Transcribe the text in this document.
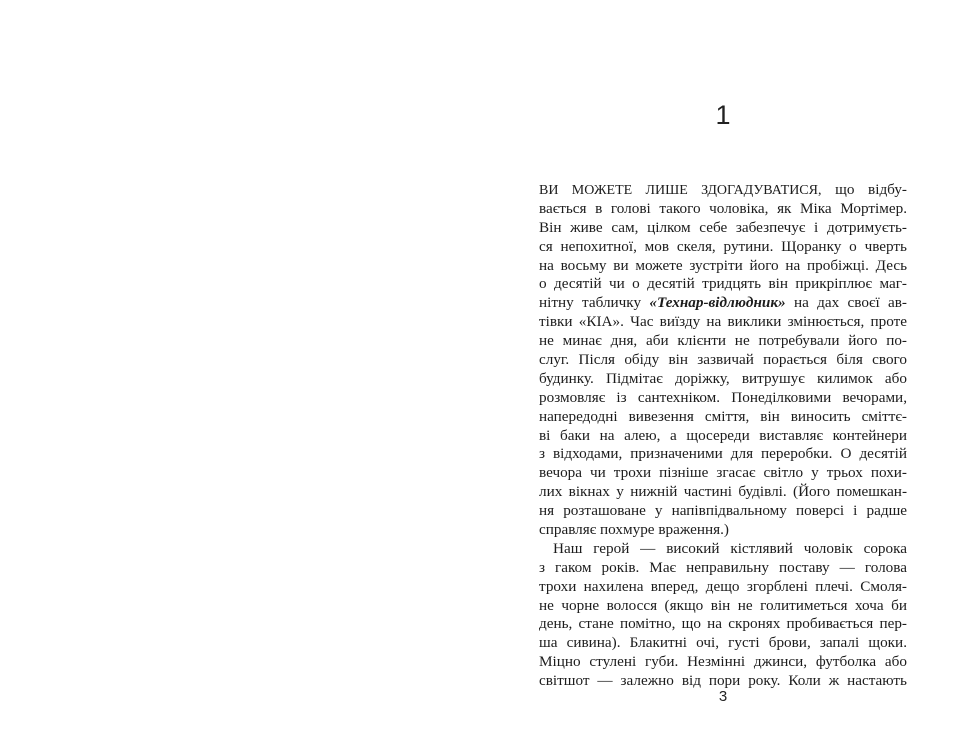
1
ВИ МОЖЕТЕ ЛИШЕ ЗДОГАДУВАТИСЯ, що відбу-
вається в голові такого чоловіка, як Міка Мортімер.
Він живе сам, цілком себе забезпечує і дотримуєть-
ся непохитної, мов скеля, рутини. Щоранку о чверть
на восьму ви можете зустріти його на пробіжці. Десь
о десятій чи о десятій тридцять він прикріплює маг-
нітну табличку «Технар-відлюдник» на дах своєї ав-
тівки «КІА». Час виїзду на виклики змінюється, проте
не минає дня, аби клієнти не потребували його по-
слуг. Після обіду він зазвичай порається біля свого
будинку. Підмітає доріжку, витрушує килимок або
розмовляє із сантехніком. Понеділковими вечорами,
напередодні вивезення сміття, він виносить сміттє-
ві баки на алею, а щосереди виставляє контейнери
з відходами, призначеними для переробки. О десятій
вечора чи трохи пізніше згасає світло у трьох похи-
лих вікнах у нижній частині будівлі. (Його помешкан-
ня розташоване у напівпідвальному поверсі і радше
справляє похмуре враження.)
Наш герой — високий кістлявий чоловік сорока
з гаком років. Має неправильну поставу — голова
трохи нахилена вперед, дещо згорблені плечі. Смоля-
не чорне волосся (якщо він не голитиметься хоча би
день, стане помітно, що на скронях пробивається пер-
ша сивина). Блакитні очі, густі брови, запалі щоки.
Міцно стулені губи. Незмінні джинси, футболка або
світшот — залежно від пори року. Коли ж настають
3
